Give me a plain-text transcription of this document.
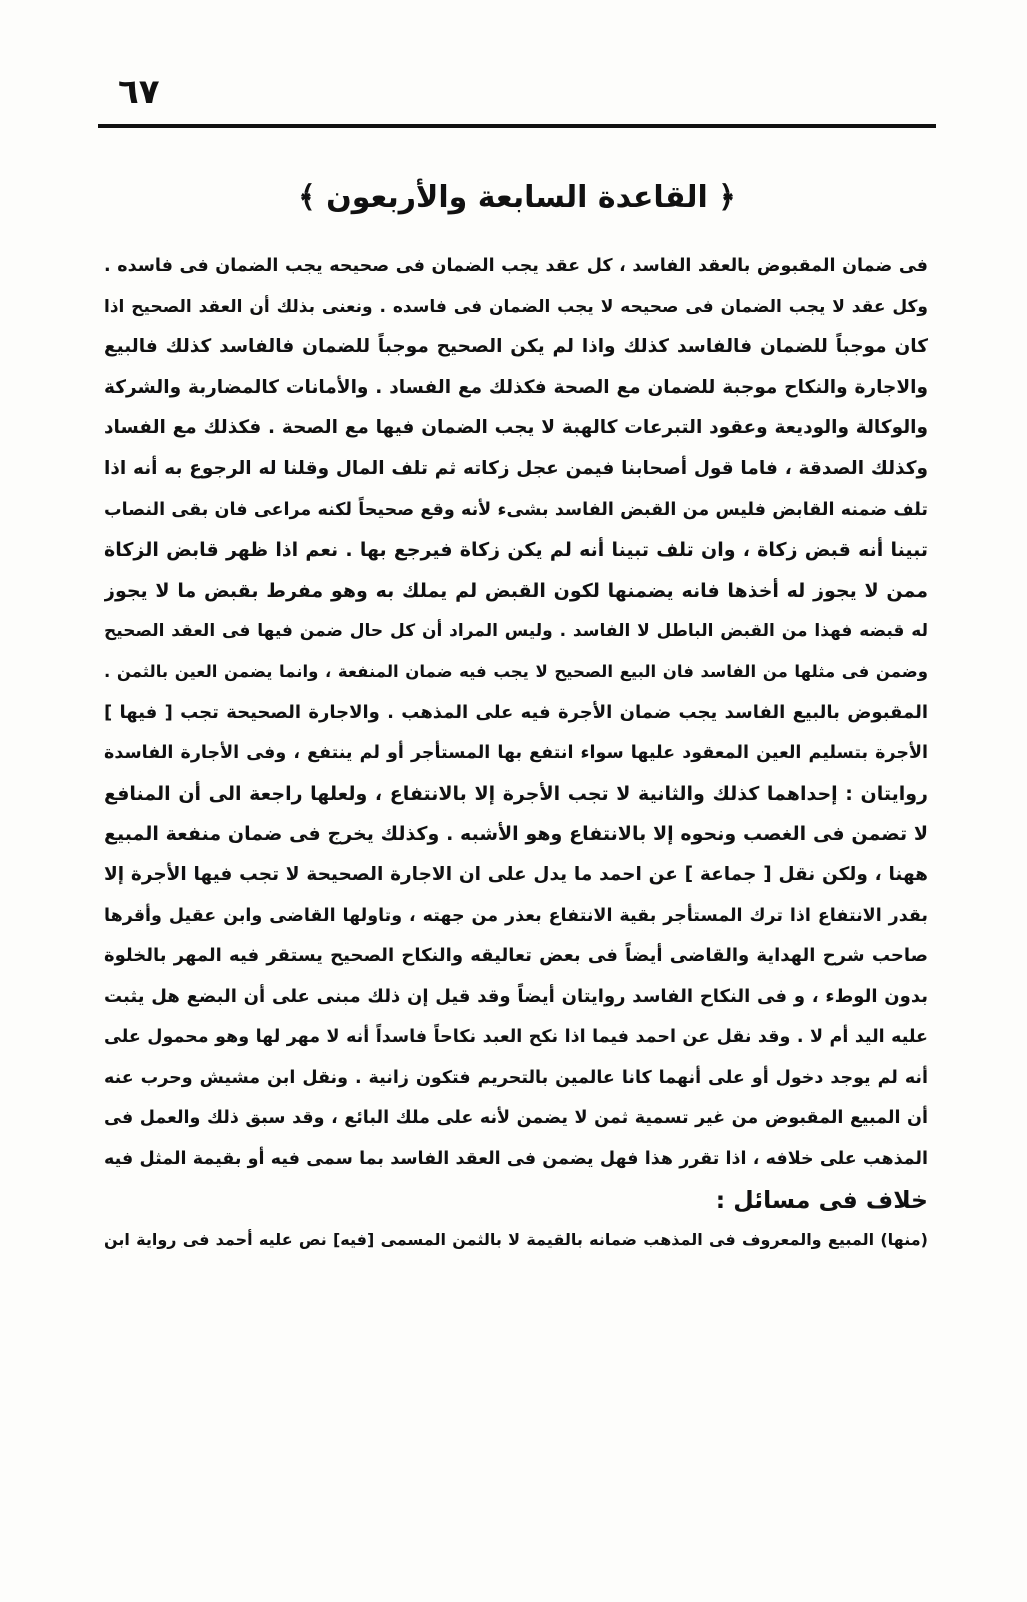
٦٧
﴿ القاعدة السابعة والأربعون ﴾
فى ضمان المقبوض بالعقد الفاسد ، كل عقد يجب الضمان فى صحيحه يجب الضمان فى فاسده .
وكل عقد لا يجب الضمان فى صحيحه لا يجب الضمان فى فاسده . ونعنى بذلك أن العقد الصحيح اذا
كان موجباً للضمان فالفاسد كذلك واذا لم يكن الصحيح موجباً للضمان فالفاسد كذلك فالبيع
والاجارة والنكاح موجبة للضمان مع الصحة فكذلك مع الفساد . والأمانات كالمضاربة والشركة
والوكالة والوديعة وعقود التبرعات كالهبة لا يجب الضمان فيها مع الصحة . فكذلك مع الفساد
وكذلك الصدقة ، فاما قول أصحابنا فيمن عجل زكاته ثم تلف المال وقلنا له الرجوع به أنه اذا
تلف ضمنه القابض فليس من القبض الفاسد بشىء لأنه وقع صحيحاً لكنه مراعى فان بقى النصاب
تبينا أنه قبض زكاة ، وان تلف تبينا أنه لم يكن زكاة فيرجع بها . نعم اذا ظهر قابض الزكاة
ممن لا يجوز له أخذها فانه يضمنها لكون القبض لم يملك به وهو مفرط بقبض ما لا يجوز
له قبضه فهذا من القبض الباطل لا الفاسد . وليس المراد أن كل حال ضمن فيها فى العقد الصحيح
وضمن فى مثلها من الفاسد فان البيع الصحيح لا يجب فيه ضمان المنفعة ، وانما يضمن العين بالثمن .
المقبوض بالبيع الفاسد يجب ضمان الأجرة فيه على المذهب . والاجارة الصحيحة تجب [ فيها ]
الأجرة بتسليم العين المعقود عليها سواء انتفع بها المستأجر أو لم ينتفع ، وفى الأجارة الفاسدة
روايتان : إحداهما كذلك والثانية لا تجب الأجرة إلا بالانتفاع ، ولعلها راجعة الى أن المنافع
لا تضمن فى الغصب ونحوه إلا بالانتفاع وهو الأشبه . وكذلك يخرج فى ضمان منفعة المبيع
ههنا ، ولكن نقل [ جماعة ] عن احمد ما يدل على ان الاجارة الصحيحة لا تجب فيها الأجرة إلا
بقدر الانتفاع اذا ترك المستأجر بقية الانتفاع بعذر من جهته ، وتاولها القاضى وابن عقيل وأقرها
صاحب شرح الهداية والقاضى أيضاً فى بعض تعاليقه والنكاح الصحيح يستقر فيه المهر بالخلوة
بدون الوطء ، و فى النكاح الفاسد روايتان أيضاً وقد قيل إن ذلك مبنى على أن البضع هل يثبت
عليه اليد أم لا . وقد نقل عن احمد فيما اذا نكح العبد نكاحاً فاسداً أنه لا مهر لها وهو محمول على
أنه لم يوجد دخول أو على أنهما كانا عالمين بالتحريم فتكون زانية . ونقل ابن مشيش وحرب عنه
أن المبيع المقبوض من غير تسمية ثمن لا يضمن لأنه على ملك البائع ، وقد سبق ذلك والعمل فى
المذهب على خلافه ، اذا تقرر هذا فهل يضمن فى العقد الفاسد بما سمى فيه أو بقيمة المثل فيه
خلاف فى مسائل :
(منها) المبيع والمعروف فى المذهب ضمانه بالقيمة لا بالثمن المسمى [فيه] نص عليه أحمد فى رواية ابن
